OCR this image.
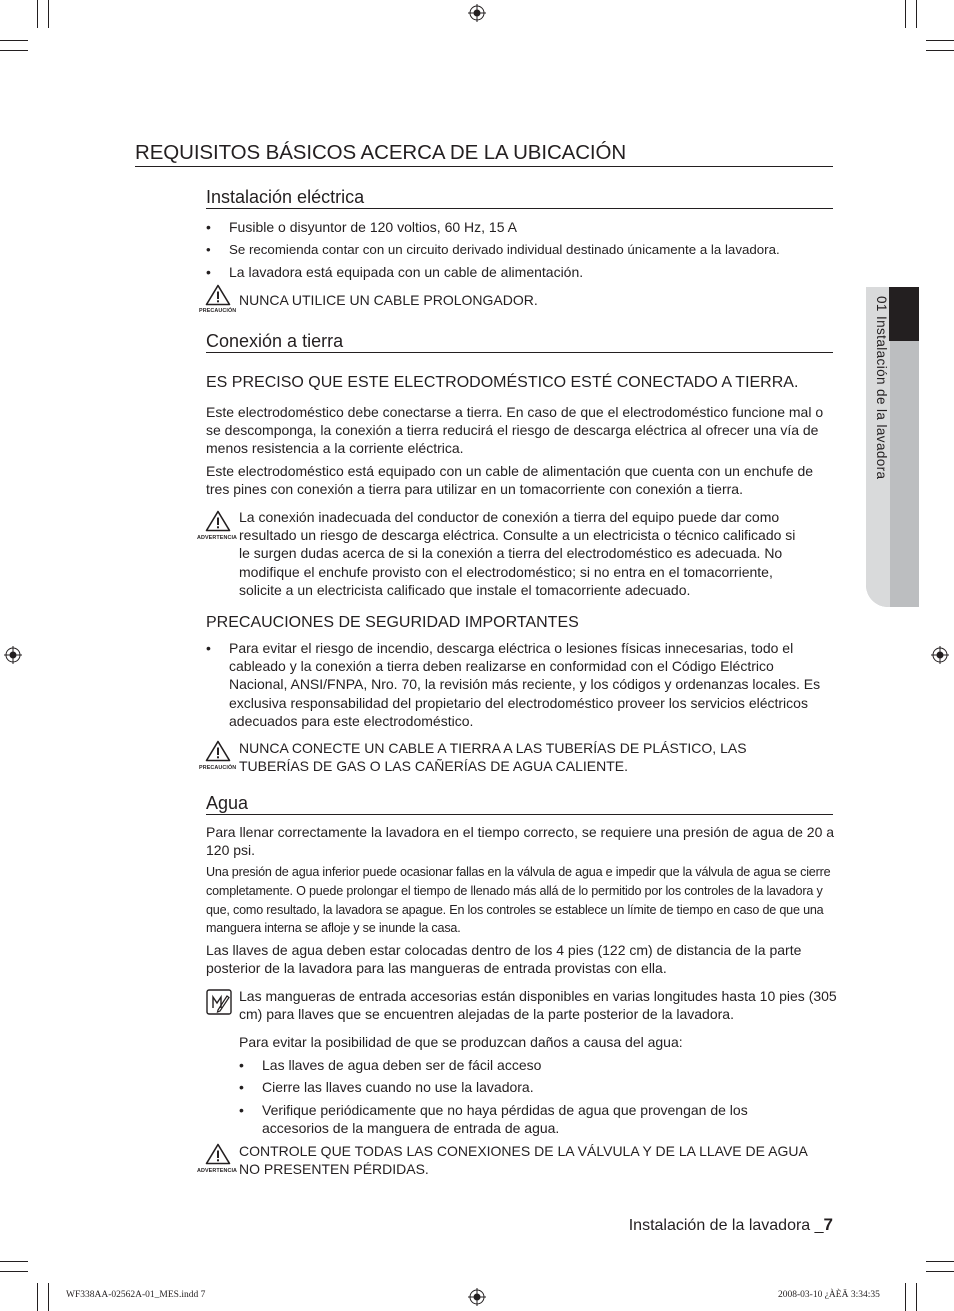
01 Instalación de la lavadora
REQUISITOS BÁSICOS ACERCA DE LA UBICACIÓN
Instalación eléctrica
• Fusible o disyuntor de 120 voltios, 60 Hz, 15 A
• Se recomienda contar con un circuito derivado individual destinado únicamente a la lavadora.
• La lavadora está equipada con un cable de alimentación.
PRECAUCIÓN
NUNCA UTILICE UN CABLE PROLONGADOR.
Conexión a tierra
ES PRECISO QUE ESTE ELECTRODOMÉSTICO ESTÉ CONECTADO A TIERRA.
Este electrodoméstico debe conectarse a tierra. En caso de que el electrodoméstico funcione mal o se descomponga, la conexión a tierra reducirá el riesgo de descarga eléctrica al ofrecer una vía de menos resistencia a la corriente eléctrica.
Este electrodoméstico está equipado con un cable de alimentación que cuenta con un enchufe de tres pines con conexión a tierra para utilizar en un tomacorriente con conexión a tierra.
ADVERTENCIA
La conexión inadecuada del conductor de conexión a tierra del equipo puede dar como resultado un riesgo de descarga eléctrica. Consulte a un electricista o técnico calificado si le surgen dudas acerca de si la conexión a tierra del electrodoméstico es adecuada. No modifique el enchufe provisto con el electrodoméstico; si no entra en el tomacorriente, solicite a un electricista calificado que instale el tomacorriente adecuado.
PRECAUCIONES DE SEGURIDAD IMPORTANTES
• Para evitar el riesgo de incendio, descarga eléctrica o lesiones físicas innecesarias, todo el cableado y la conexión a tierra deben realizarse en conformidad con el Código Eléctrico Nacional, ANSI/FNPA, Nro. 70, la revisión más reciente, y los códigos y ordenanzas locales. Es exclusiva responsabilidad del propietario del electrodoméstico proveer los servicios eléctricos adecuados para este electrodoméstico.
PRECAUCIÓN
NUNCA CONECTE UN CABLE A TIERRA A LAS TUBERÍAS DE PLÁSTICO, LAS TUBERÍAS DE GAS O LAS CAÑERÍAS DE AGUA CALIENTE.
Agua
Para llenar correctamente la lavadora en el tiempo correcto, se requiere una presión de agua de 20 a 120 psi.
Una presión de agua inferior puede ocasionar fallas en la válvula de agua e impedir que la válvula de agua se cierre completamente. O puede prolongar el tiempo de llenado más allá de lo permitido por los controles de la lavadora y que, como resultado, la lavadora se apague. En los controles se establece un límite de tiempo en caso de que una manguera interna se afloje y se inunde la casa.
Las llaves de agua deben estar colocadas dentro de los 4 pies (122 cm) de distancia de la parte posterior de la lavadora para las mangueras de entrada provistas con ella.
Las mangueras de entrada accesorias están disponibles en varias longitudes hasta 10 pies (305 cm) para llaves que se encuentren alejadas de la parte posterior de la lavadora.
Para evitar la posibilidad de que se produzcan daños a causa del agua:
• Las llaves de agua deben ser de fácil acceso
• Cierre las llaves cuando no use la lavadora.
• Verifique periódicamente que no haya pérdidas de agua que provengan de los accesorios de la manguera de entrada de agua.
ADVERTENCIA
CONTROLE QUE TODAS LAS CONEXIONES DE LA VÁLVULA Y DE LA LLAVE DE AGUA NO PRESENTEN PÉRDIDAS.
Instalación de la lavadora _7
WF338AA-02562A-01_MES.indd 7	2008-03-10 ¿ÀÈÄ 3:34:35
